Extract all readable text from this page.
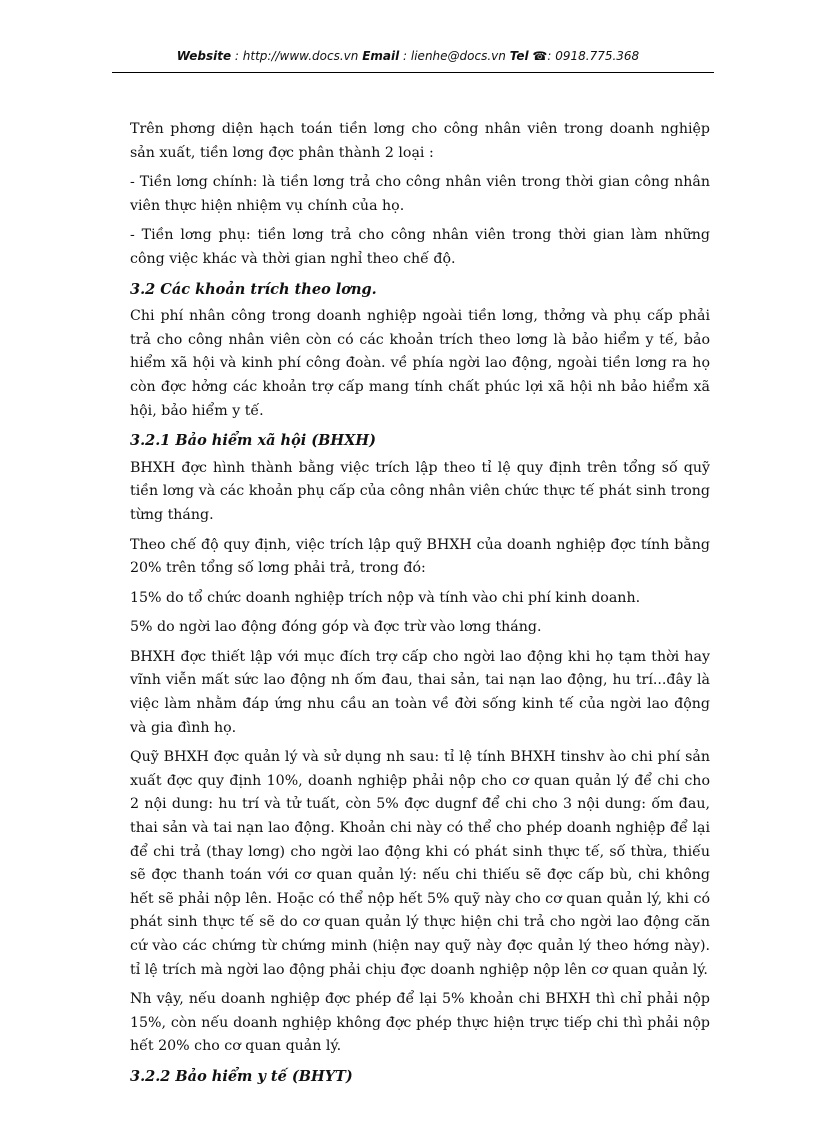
Website : http://www.docs.vn Email : lienhe@docs.vn Tel ☎: 0918.775.368

Trên phơng diện hạch toán tiền lơng cho công nhân viên trong doanh nghiệp sản xuất, tiền lơng đợc phân thành 2 loại :

- Tiền lơng chính: là tiền lơng trả cho công nhân viên trong thời gian công nhân viên thực hiện nhiệm vụ chính của họ.

- Tiền lơng phụ: tiền lơng trả cho công nhân viên trong thời gian làm những công việc khác và thời gian nghỉ theo chế độ.

3.2 Các khoản trích theo lơng.

Chi phí nhân công trong doanh nghiệp ngoài tiền lơng, thởng và phụ cấp phải trả cho công nhân viên còn có các khoản trích theo lơng là bảo hiểm y tế, bảo hiểm xã hội và kinh phí công đoàn. về phía ngời lao động, ngoài tiền lơng ra họ còn đợc hởng các khoản trợ cấp mang tính chất phúc lợi xã hội nh bảo hiểm xã hội, bảo hiểm y tế.

3.2.1 Bảo hiểm xã hội (BHXH)

BHXH đợc hình thành bằng việc trích lập theo tỉ lệ quy định trên tổng số quỹ tiền lơng và các khoản phụ cấp của công nhân viên chức thực tế phát sinh trong từng tháng.

Theo chế độ quy định, việc trích lập quỹ BHXH của doanh nghiệp đợc tính bằng 20% trên tổng số lơng phải trả, trong đó:

15% do tổ chức doanh nghiệp trích nộp và tính vào chi phí kinh doanh.

5% do ngời lao động đóng góp và đợc trừ vào lơng tháng.

BHXH đợc thiết lập với mục đích trợ cấp cho ngời lao động khi họ tạm thời hay vĩnh viễn mất sức lao động nh ốm đau, thai sản, tai nạn lao động, hu trí...đây là việc làm nhằm đáp ứng nhu cầu an toàn về đời sống kinh tế của ngời lao động và gia đình họ.

Quỹ BHXH đợc quản lý và sử dụng nh sau: tỉ lệ tính BHXH tinshv ào chi phí sản xuất đợc quy định 10%, doanh nghiệp phải nộp cho cơ quan quản lý để chi cho 2 nội dung: hu trí và tử tuất, còn 5% đợc dugnf để chi cho 3 nội dung: ốm đau, thai sản và tai nạn lao động. Khoản chi này có thể cho phép doanh nghiệp để lại để chi trả (thay lơng) cho ngời lao động khi có phát sinh thực tế, số thừa, thiếu sẽ đợc thanh toán với cơ quan quản lý: nếu chi thiếu sẽ đợc cấp bù, chi không hết sẽ phải nộp lên. Hoặc có thể nộp hết 5% quỹ này cho cơ quan quản lý, khi có phát sinh thực tế sẽ do cơ quan quản lý thực hiện chi trả cho ngời lao động căn cứ vào các chứng từ chứng minh (hiện nay quỹ này đợc quản lý theo hớng này). tỉ lệ trích mà ngời lao động phải chịu đợc doanh nghiệp nộp lên cơ quan quản lý.

Nh vậy, nếu doanh nghiệp đợc phép để lại 5% khoản chi BHXH thì chỉ phải nộp 15%, còn nếu doanh nghiệp không đợc phép thực hiện trực tiếp chi thì phải nộp hết 20% cho cơ quan quản lý.

3.2.2 Bảo hiểm y tế (BHYT)
